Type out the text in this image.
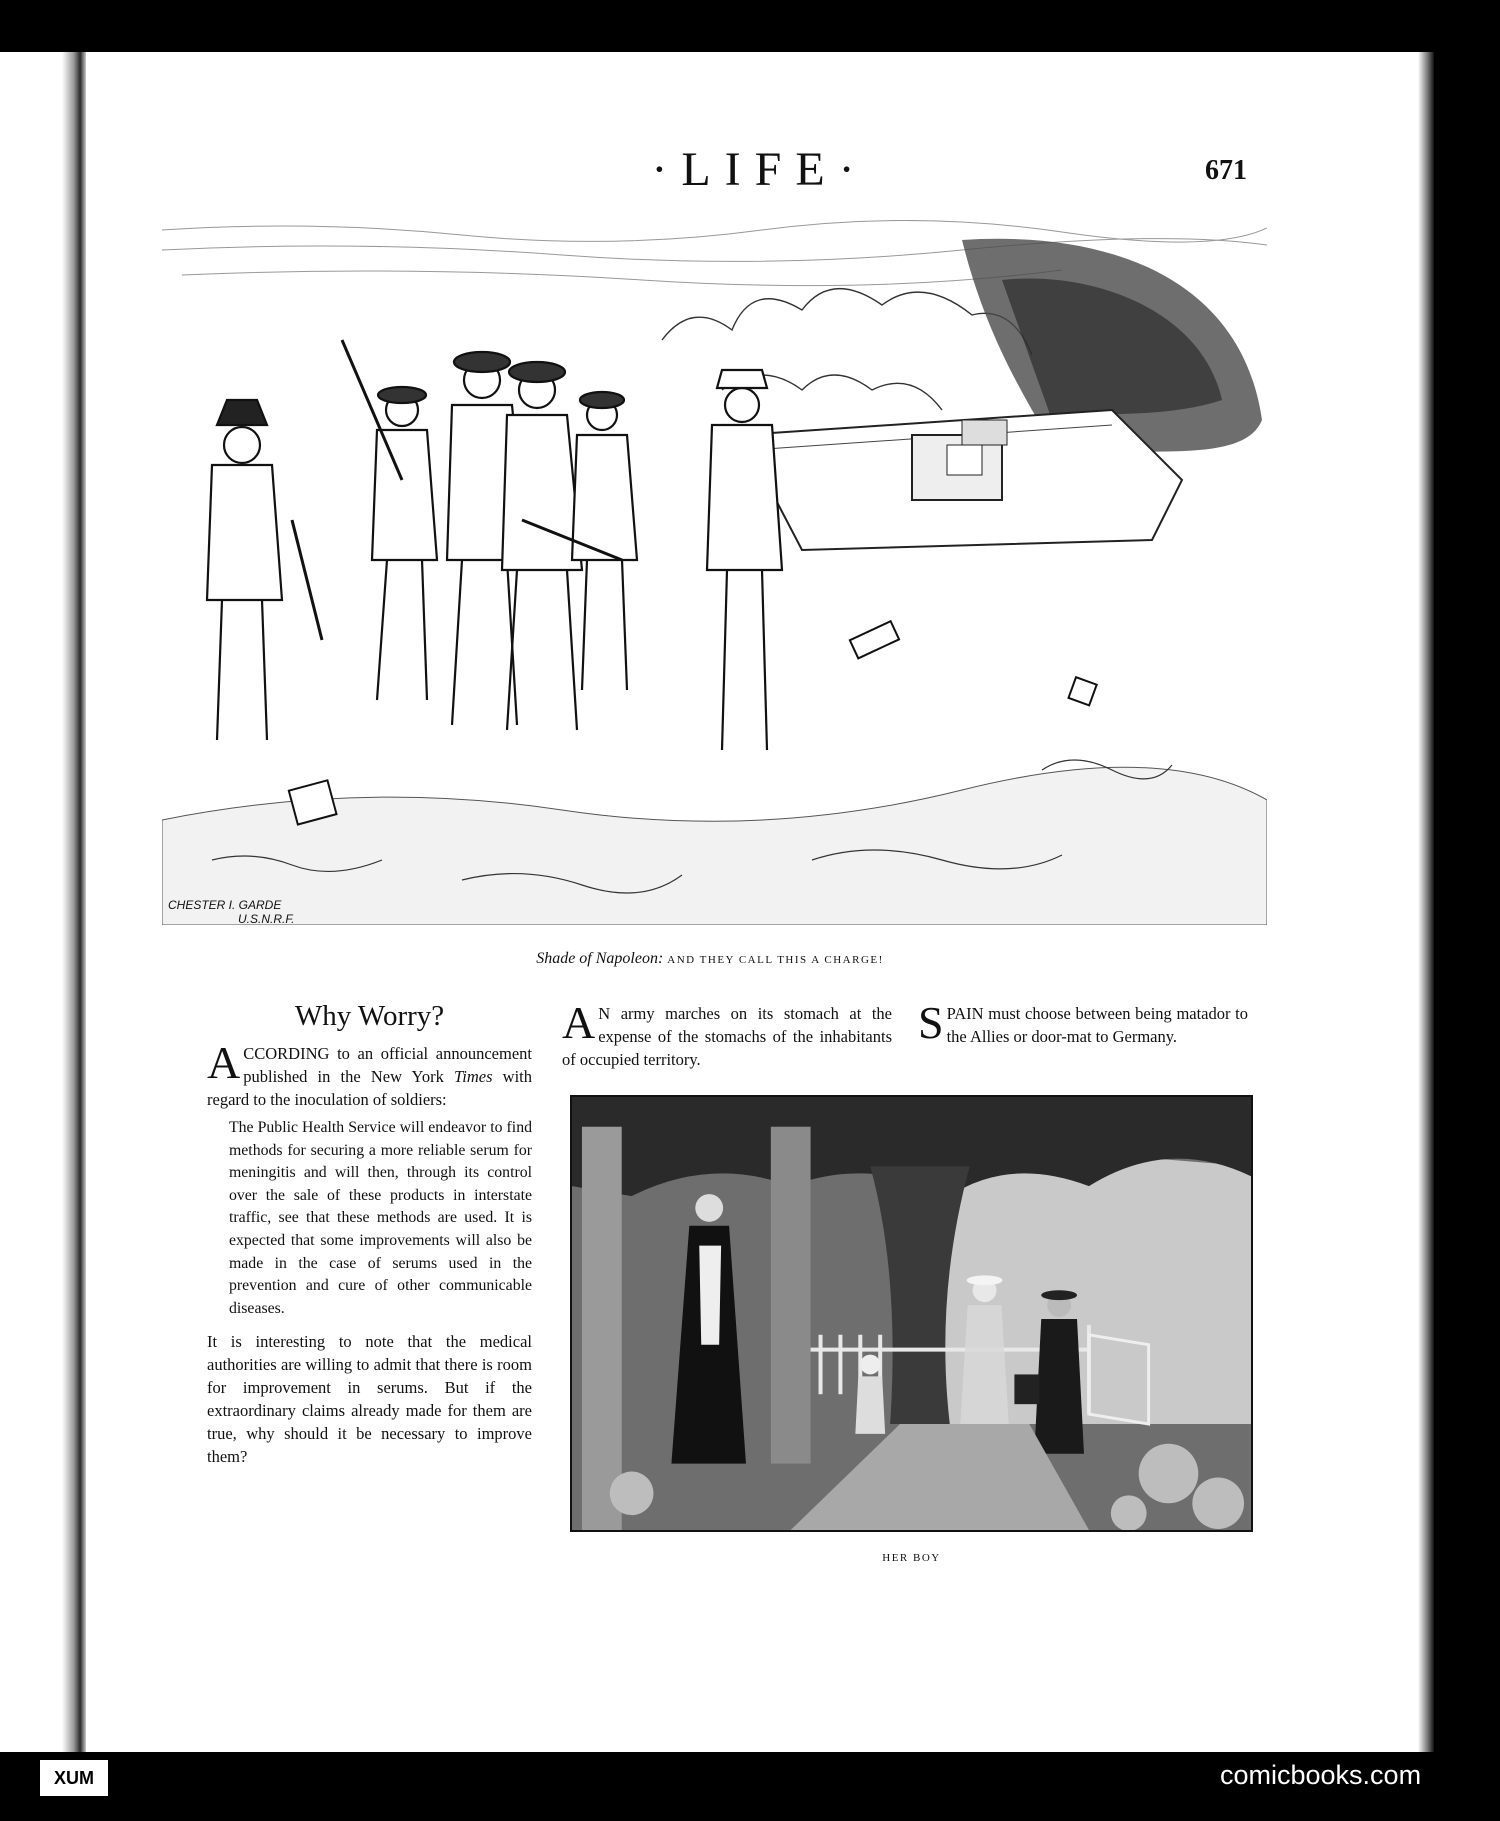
·LIFE·	671
CHESTER I. GARDE
U.S.N.R.F.
Shade of Napoleon: AND THEY CALL THIS A CHARGE!
Why Worry?

ACCORDING to an official announcement published in the New York Times with regard to the inoculation of soldiers:

The Public Health Service will endeavor to find methods for securing a more reliable serum for meningitis and will then, through its control over the sale of these products in interstate traffic, see that these methods are used. It is expected that some improvements will also be made in the case of serums used in the prevention and cure of other communicable diseases.

It is interesting to note that the medical authorities are willing to admit that there is room for improvement in serums. But if the extraordinary claims already made for them are true, why should it be necessary to improve them?

A N army marches on its stomach at the expense of the stomachs of the inhabitants of occupied territory.

SPAIN must choose between being matador to the Allies or door-mat to Germany.

HER BOY
XUM	comicbooks.com
